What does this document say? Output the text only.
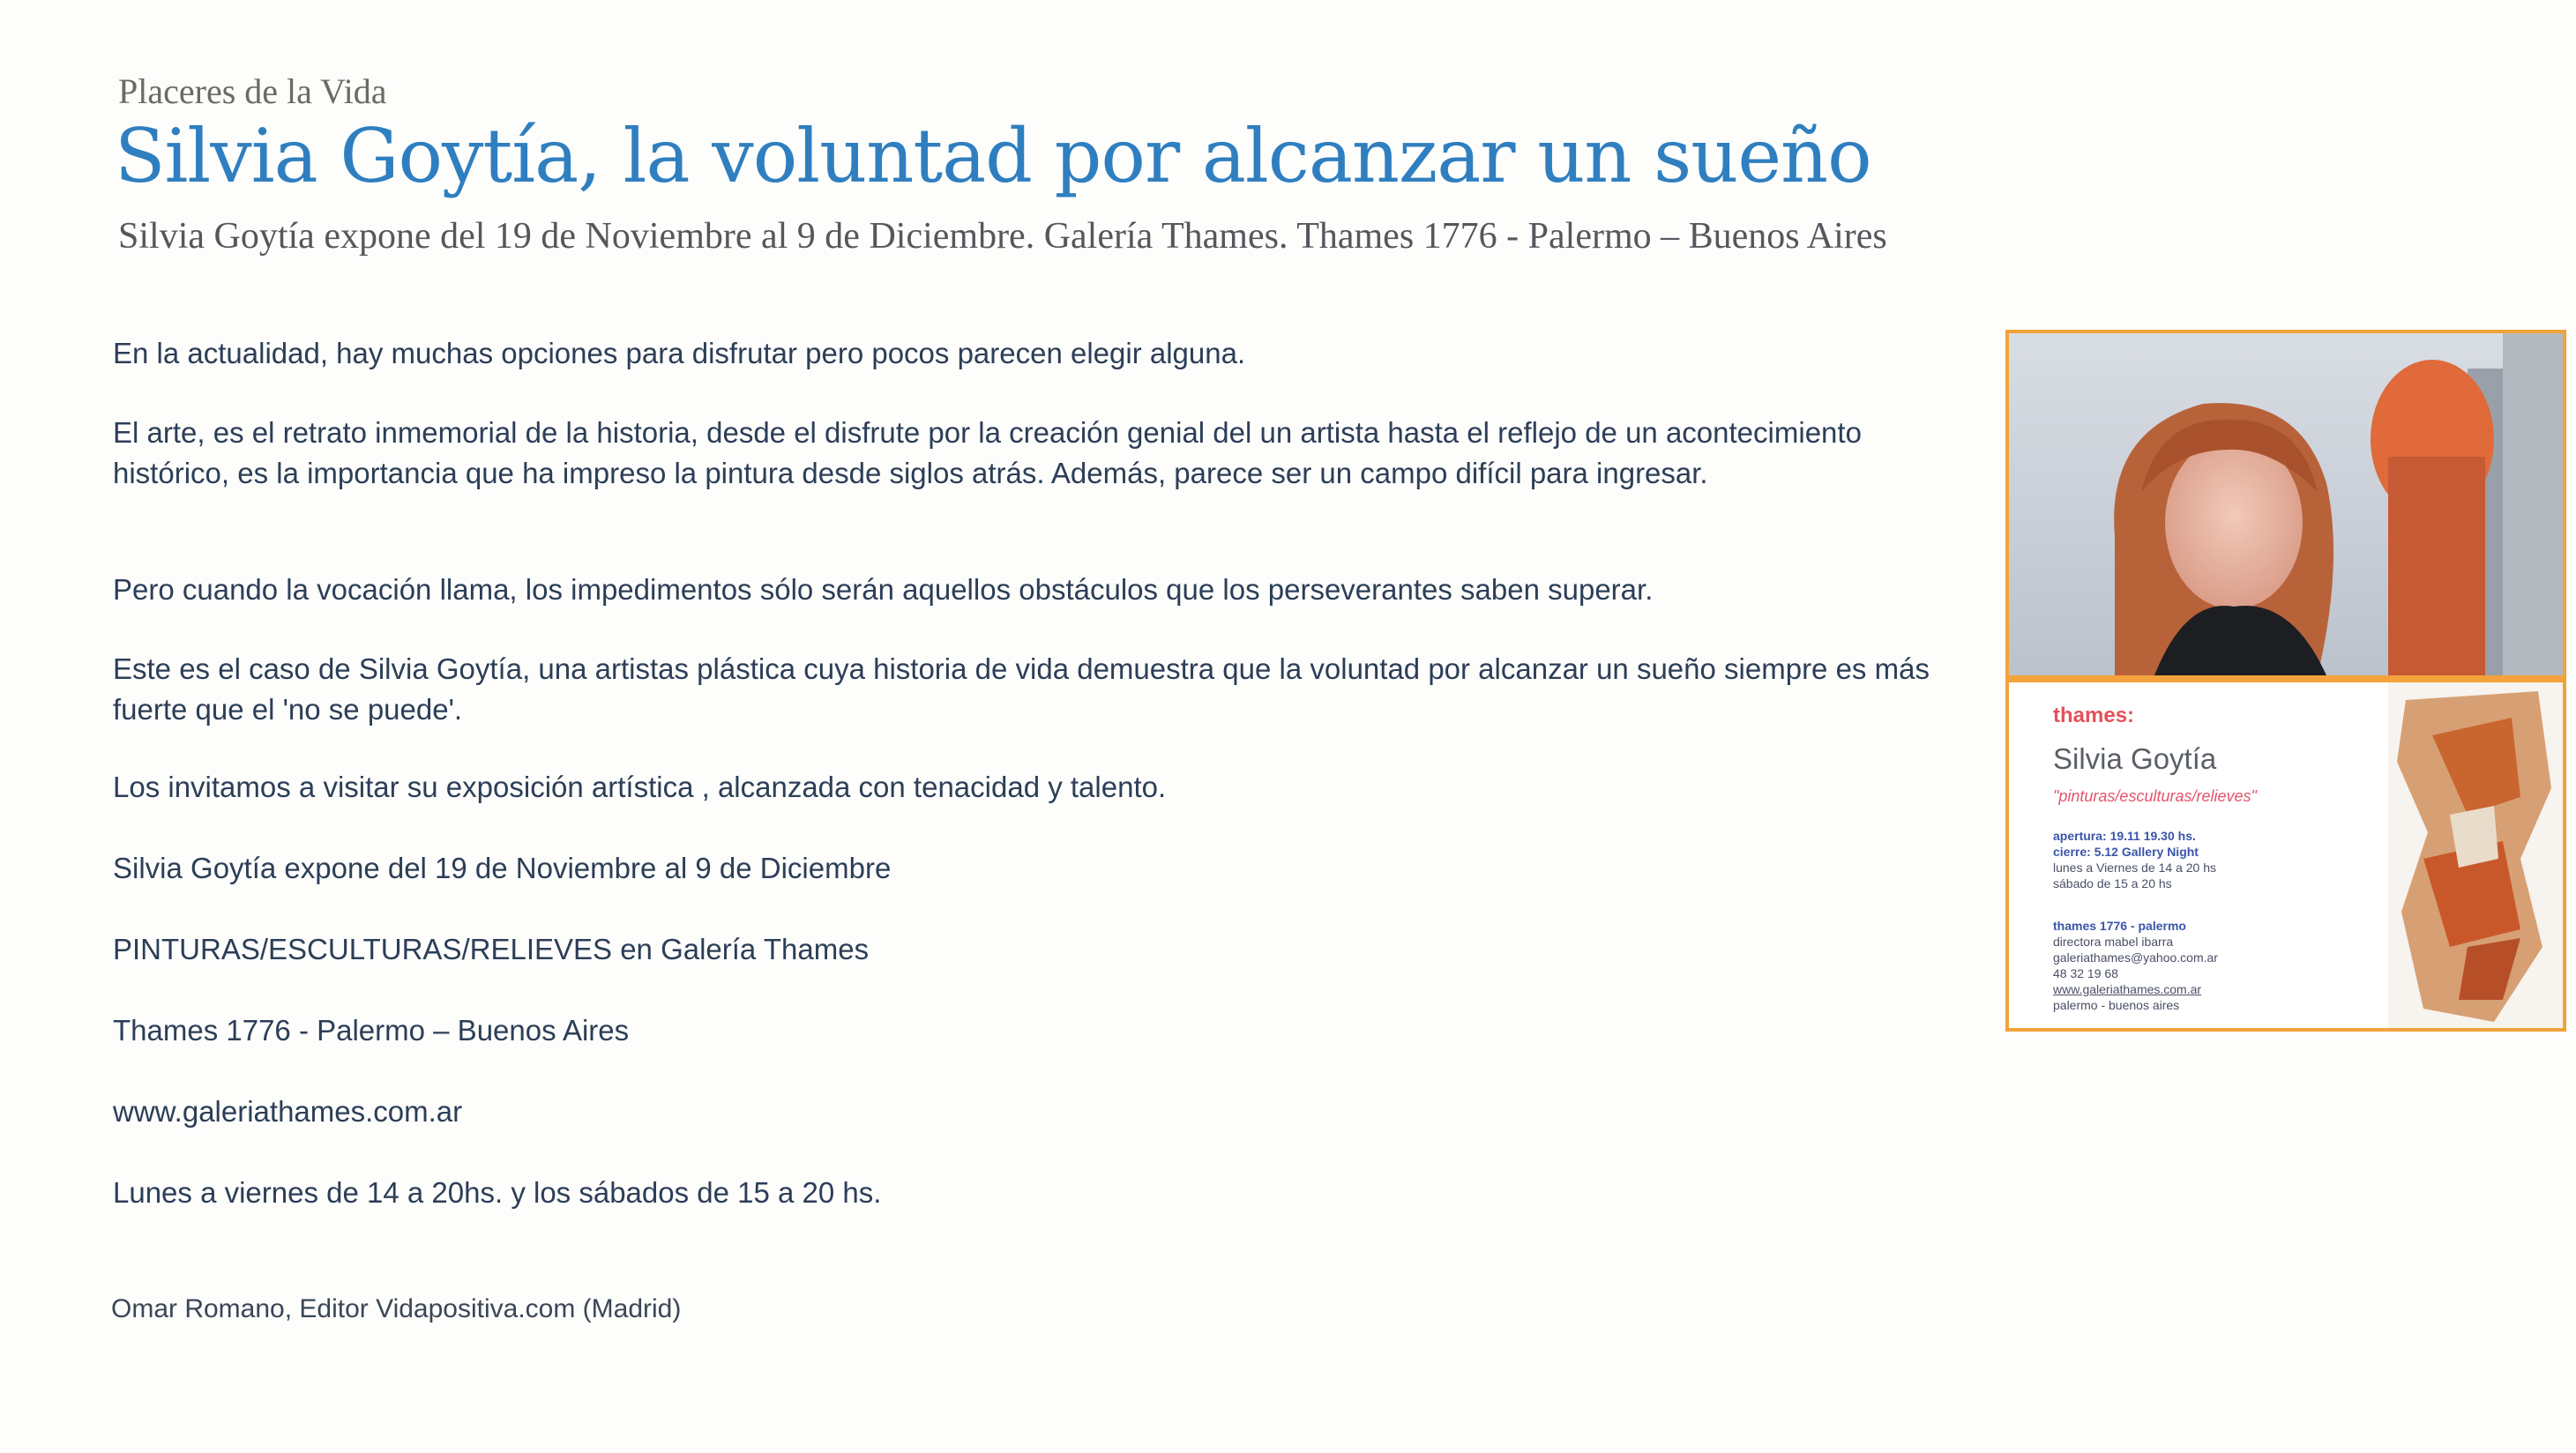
Placeres de la Vida
Silvia Goytía, la voluntad por alcanzar un sueño
Silvia Goytía expone del 19 de Noviembre al 9 de Diciembre. Galería Thames. Thames 1776 - Palermo – Buenos Aires
En la actualidad, hay muchas opciones para disfrutar pero pocos parecen elegir alguna.
El arte, es el retrato inmemorial de la historia, desde el disfrute por la creación genial del un artista hasta el reflejo de un acontecimiento histórico, es la importancia que ha impreso la pintura desde siglos atrás. Además, parece ser un campo difícil para ingresar.
Pero cuando la vocación llama, los impedimentos sólo serán aquellos obstáculos que los perseverantes saben superar.
Este es el caso de Silvia Goytía, una artistas plástica cuya historia de vida demuestra que la voluntad por alcanzar un sueño siempre es más fuerte que el 'no se puede'.
Los invitamos a visitar su exposición artística , alcanzada con tenacidad y talento.
Silvia Goytía expone del 19 de Noviembre al 9 de Diciembre
PINTURAS/ESCULTURAS/RELIEVES en Galería Thames
Thames 1776 - Palermo – Buenos Aires
www.galeriathames.com.ar
Lunes a viernes de 14 a 20hs. y los sábados de 15 a 20 hs.
Omar Romano, Editor Vidapositiva.com (Madrid)
thames:
Silvia Goytía
"pinturas/esculturas/relieves"
apertura: 19.11 19.30 hs.
cierre: 5.12 Gallery Night
lunes a Viernes de 14 a 20 hs
sábado de 15 a 20 hs
thames 1776 - palermo
directora mabel ibarra
galeriathames@yahoo.com.ar
48 32 19 68
www.galeriathames.com.ar
palermo - buenos aires
